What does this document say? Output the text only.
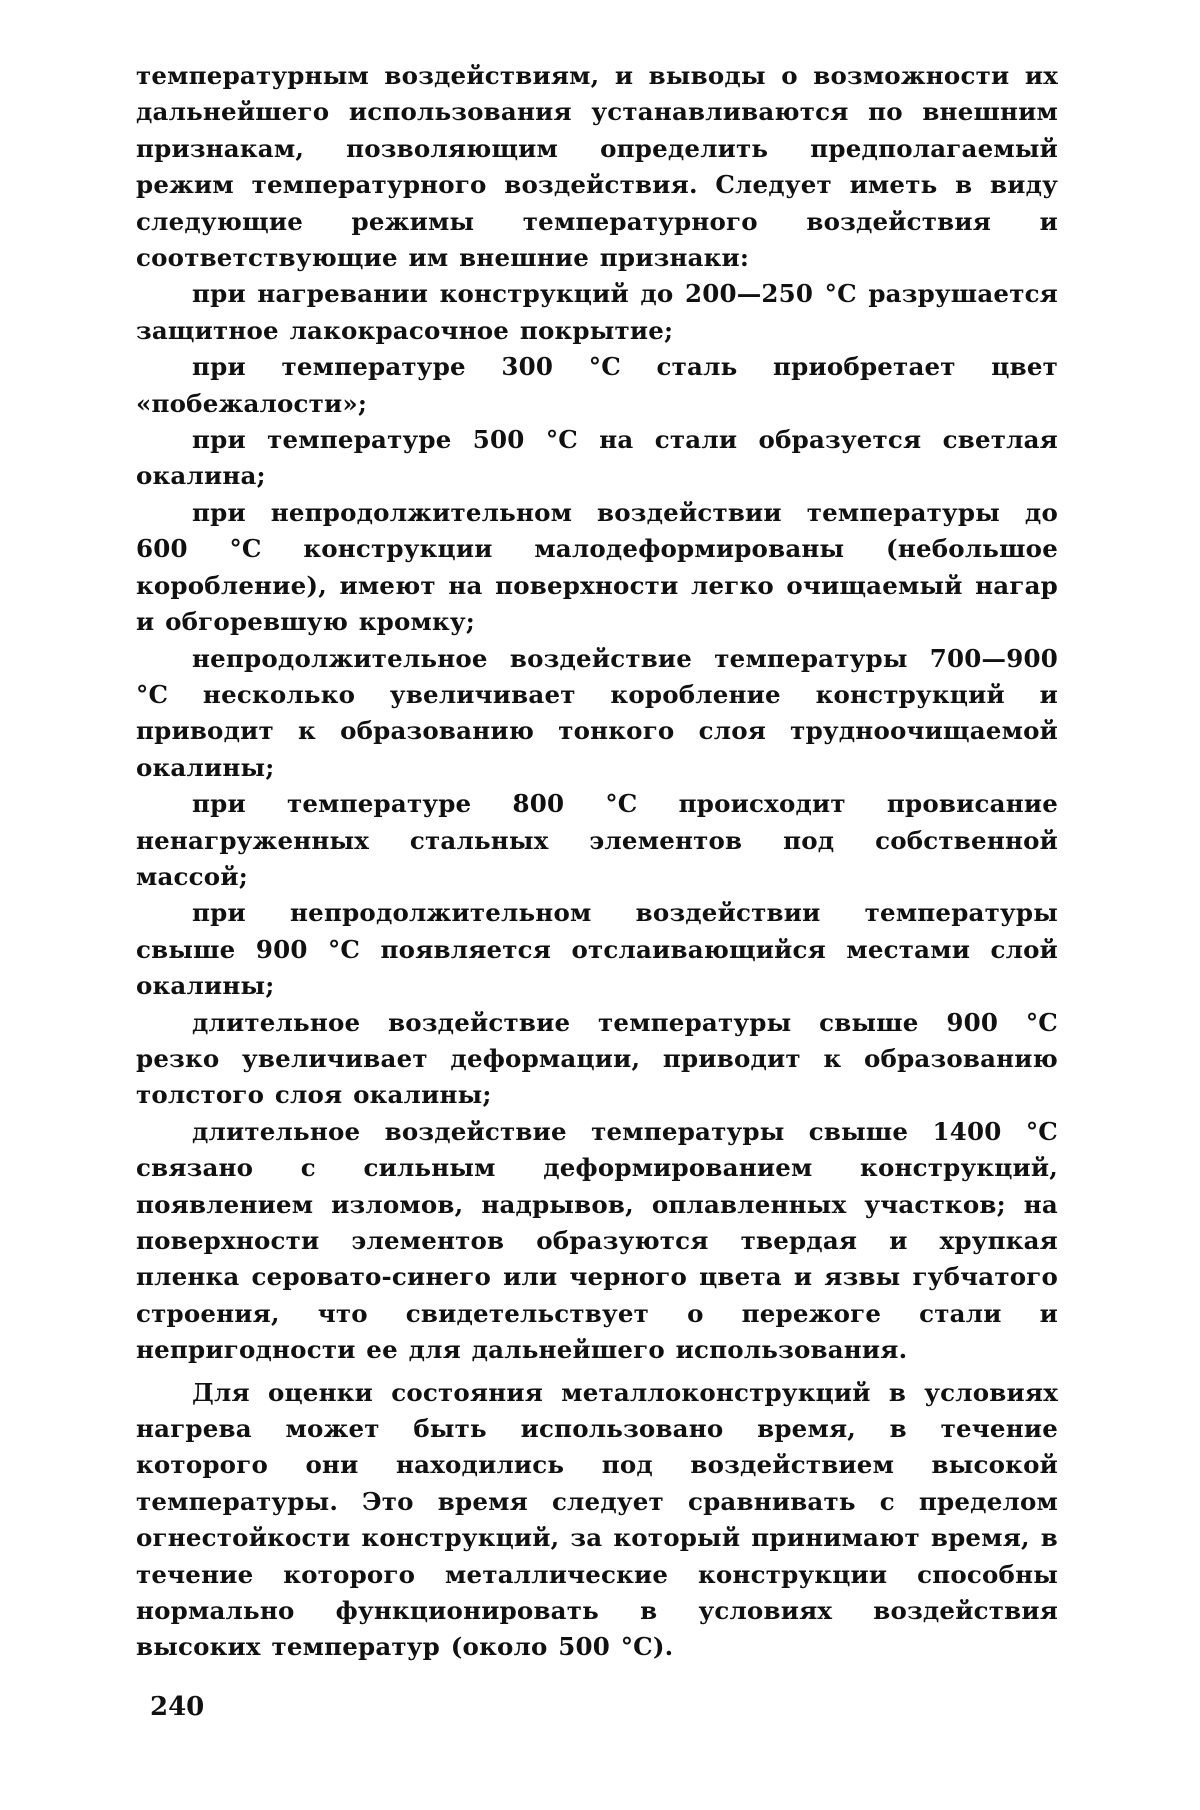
температурным воздействиям, и выводы о возможности их дальнейшего использования устанавливаются по внешним признакам, позволяющим определить предполагаемый режим температурного воздействия. Следует иметь в виду следующие режимы температурного воздействия и соответствующие им внешние признаки:

при нагревании конструкций до 200—250 °С разрушается защитное лакокрасочное покрытие;

при температуре 300 °С сталь приобретает цвет «побежалости»;

при температуре 500 °С на стали образуется светлая окалина;

при непродолжительном воздействии температуры до 600 °С конструкции малодеформированы (небольшое коробление), имеют на поверхности легко очищаемый нагар и обгоревшую кромку;

непродолжительное воздействие температуры 700—900 °С несколько увеличивает коробление конструкций и приводит к образованию тонкого слоя трудноочищаемой окалины;

при температуре 800 °С происходит провисание ненагруженных стальных элементов под собственной массой;

при непродолжительном воздействии температуры свыше 900 °С появляется отслаивающийся местами слой окалины;

длительное воздействие температуры свыше 900 °С резко увеличивает деформации, приводит к образованию толстого слоя окалины;

длительное воздействие температуры свыше 1400 °С связано с сильным деформированием конструкций, появлением изломов, надрывов, оплавленных участков; на поверхности элементов образуются твердая и хрупкая пленка серовато-синего или черного цвета и язвы губчатого строения, что свидетельствует о пережоге стали и непригодности ее для дальнейшего использования.

Для оценки состояния металлоконструкций в условиях нагрева может быть использовано время, в течение которого они находились под воздействием высокой температуры. Это время следует сравнивать с пределом огнестойкости конструкций, за который принимают время, в течение которого металлические конструкции способны нормально функционировать в условиях воздействия высоких температур (около 500 °С).

240
